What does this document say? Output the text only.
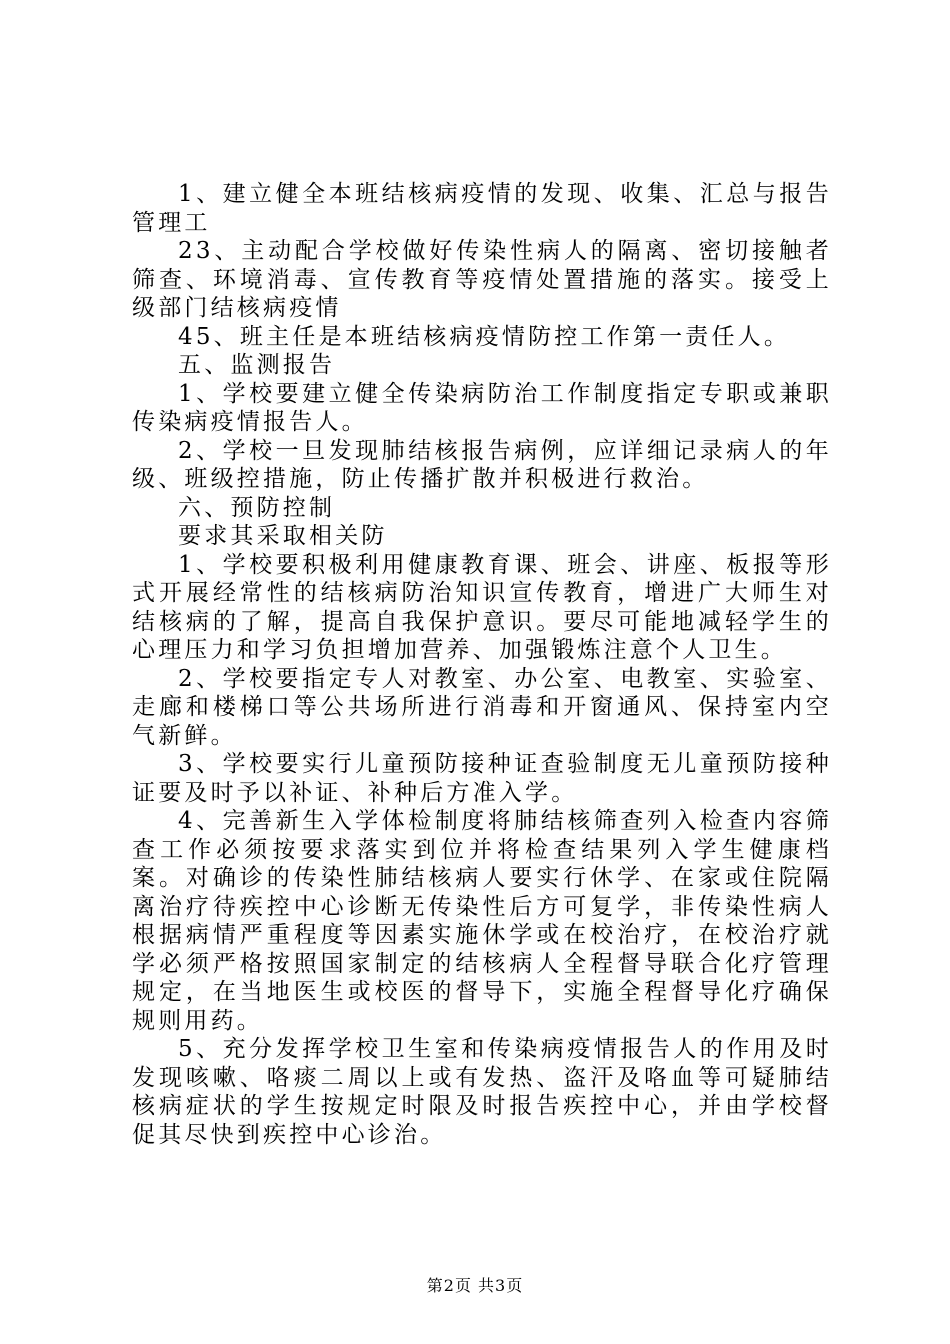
1、建立健全本班结核病疫情的发现、收集、汇总与报告管理工

23、主动配合学校做好传染性病人的隔离、密切接触者筛查、环境消毒、宣传教育等疫情处置措施的落实。接受上级部门结核病疫情

45、班主任是本班结核病疫情防控工作第一责任人。

五、监测报告

1、学校要建立健全传染病防治工作制度指定专职或兼职传染病疫情报告人。

2、学校一旦发现肺结核报告病例，应详细记录病人的年级、班级控措施，防止传播扩散并积极进行救治。

六、预防控制

要求其采取相关防

1、学校要积极利用健康教育课、班会、讲座、板报等形式开展经常性的结核病防治知识宣传教育，增进广大师生对结核病的了解，提高自我保护意识。要尽可能地减轻学生的心理压力和学习负担增加营养、加强锻炼注意个人卫生。

2、学校要指定专人对教室、办公室、电教室、实验室、走廊和楼梯口等公共场所进行消毒和开窗通风、保持室内空气新鲜。

3、学校要实行儿童预防接种证查验制度无儿童预防接种证要及时予以补证、补种后方准入学。

4、完善新生入学体检制度将肺结核筛查列入检查内容筛查工作必须按要求落实到位并将检查结果列入学生健康档案。对确诊的传染性肺结核病人要实行休学、在家或住院隔离治疗待疾控中心诊断无传染性后方可复学，非传染性病人根据病情严重程度等因素实施休学或在校治疗，在校治疗就学必须严格按照国家制定的结核病人全程督导联合化疗管理规定，在当地医生或校医的督导下，实施全程督导化疗确保规则用药。

5、充分发挥学校卫生室和传染病疫情报告人的作用及时发现咳嗽、咯痰二周以上或有发热、盗汗及咯血等可疑肺结核病症状的学生按规定时限及时报告疾控中心，并由学校督促其尽快到疾控中心诊治。

第2页 共3页
